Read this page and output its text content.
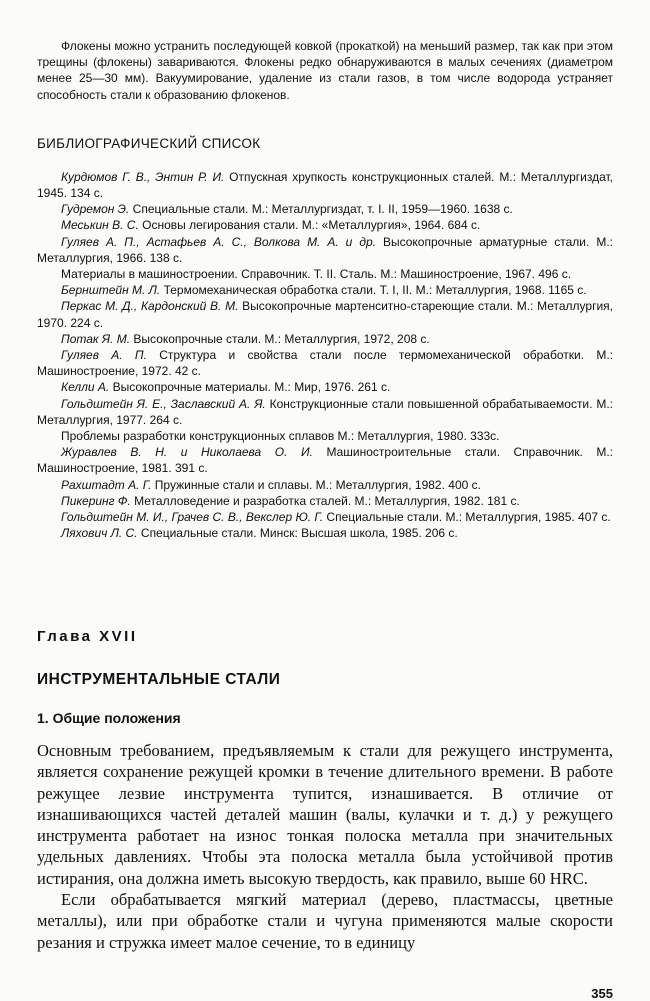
Флокены можно устранить последующей ковкой (прокаткой) на меньший размер, так как при этом трещины (флокены) завариваются. Флокены редко обнаруживаются в малых сечениях (диаметром менее 25—30 мм). Вакуумирование, удаление из стали газов, в том числе водорода устраняет способность стали к образованию флокенов.

БИБЛИОГРАФИЧЕСКИЙ СПИСОК
Курдюмов Г. В., Энтин Р. И. Отпускная хрупкость конструкционных сталей. М.: Металлургиздат, 1945. 134 с.
Гудремон Э. Специальные стали. М.: Металлургиздат, т. I. II, 1959—1960. 1638 с.
Меськин В. С. Основы легирования стали. М.: «Металлургия», 1964. 684 с.
Гуляев А. П., Астафьев А. С., Волкова М. А. и др. Высокопрочные арматурные стали. М.: Металлургия, 1966. 138 с.
Материалы в машиностроении. Справочник. Т. II. Сталь. М.: Машиностроение, 1967. 496 с.
Бернштейн М. Л. Термомеханическая обработка стали. Т. I, II. М.: Металлургия, 1968. 1165 с.
Перкас М. Д., Кардонский В. М. Высокопрочные мартенситно-стареющие стали. М.: Металлургия, 1970. 224 с.
Потак Я. М. Высокопрочные стали. М.: Металлургия, 1972, 208 с.
Гуляев А. П. Структура и свойства стали после термомеханической обработки. М.: Машиностроение, 1972. 42 с.
Келли А. Высокопрочные материалы. М.: Мир, 1976. 261 с.
Гольдштейн Я. Е., Заславский А. Я. Конструкционные стали повышенной обрабатываемости. М.: Металлургия, 1977. 264 с.
Проблемы разработки конструкционных сплавов М.: Металлургия, 1980. 333с.
Журавлев В. Н. и Николаева О. И. Машиностроительные стали. Справочник. М.: Машиностроение, 1981. 391 с.
Рахштадт А. Г. Пружинные стали и сплавы. М.: Металлургия, 1982. 400 с.
Пикеринг Ф. Металловедение и разработка сталей. М.: Металлургия, 1982. 181 с.
Гольдштейн М. И., Грачев С. В., Векслер Ю. Г. Специальные стали. М.: Металлургия, 1985. 407 с.
Ляхович Л. С. Специальные стали. Минск: Высшая школа, 1985. 206 с.
Глава XVII
ИНСТРУМЕНТАЛЬНЫЕ СТАЛИ
1. Общие положения

Основным требованием, предъявляемым к стали для режущего инструмента, является сохранение режущей кромки в течение длительного времени. В работе режущее лезвие инструмента тупится, изнашивается. В отличие от изнашивающихся частей деталей машин (валы, кулачки и т. д.) у режущего инструмента работает на износ тонкая полоска металла при значительных удельных давлениях. Чтобы эта полоска металла была устойчивой против истирания, она должна иметь высокую твердость, как правило, выше 60 HRC.

Если обрабатывается мягкий материал (дерево, пластмассы, цветные металлы), или при обработке стали и чугуна применяются малые скорости резания и стружка имеет малое сечение, то в единицу

355
